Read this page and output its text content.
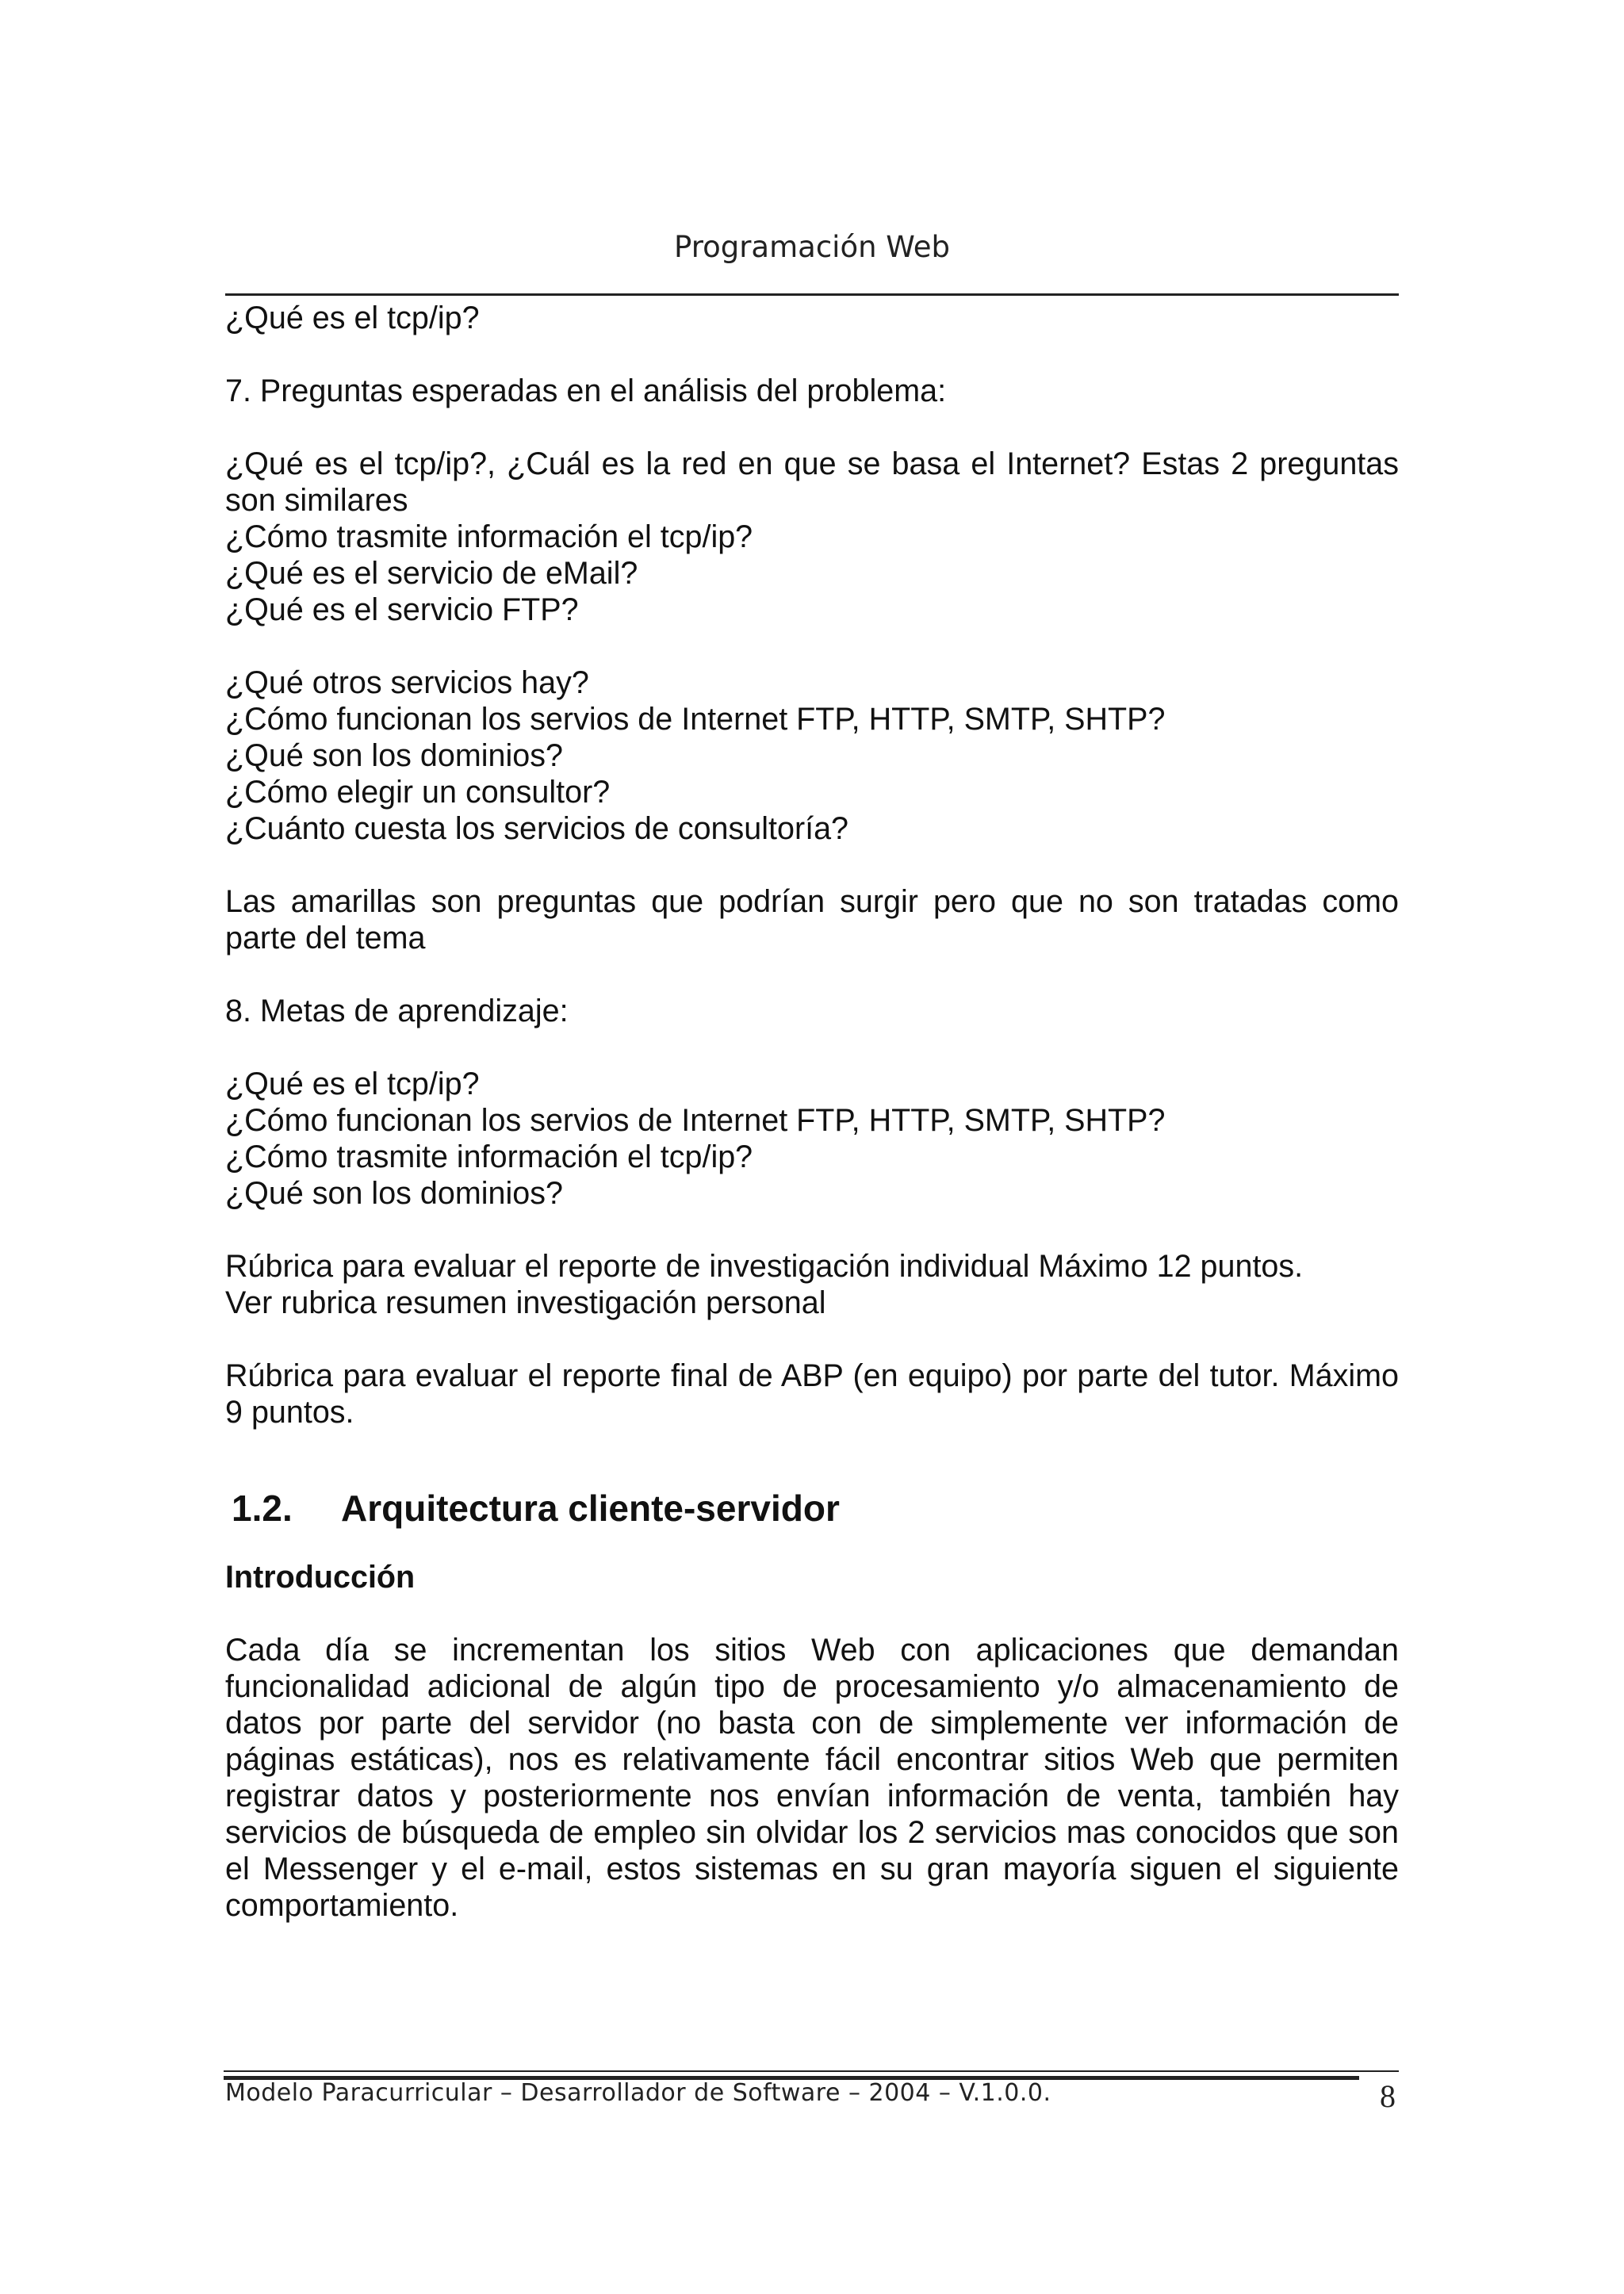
Programación Web

¿Qué es el tcp/ip?

7. Preguntas esperadas en el análisis del problema:

¿Qué es el tcp/ip?, ¿Cuál es la red en que se basa el Internet? Estas 2 preguntas son similares

¿Cómo trasmite información el tcp/ip?

¿Qué es el servicio de eMail?

¿Qué es el servicio FTP?

¿Qué otros servicios hay?

¿Cómo funcionan los servios de Internet FTP, HTTP, SMTP, SHTP?

¿Qué son los dominios?

¿Cómo elegir un consultor?

¿Cuánto cuesta los servicios de consultoría?

Las amarillas son preguntas que podrían surgir pero que no son tratadas como parte del tema

8. Metas de aprendizaje:

¿Qué es el tcp/ip?

¿Cómo funcionan los servios de Internet FTP, HTTP, SMTP, SHTP?

¿Cómo trasmite información el tcp/ip?

¿Qué son los dominios?

Rúbrica para evaluar el reporte de investigación individual Máximo 12 puntos.

Ver rubrica resumen investigación personal

Rúbrica para evaluar el reporte final de ABP (en equipo) por parte del tutor. Máximo 9 puntos.

1.2.	Arquitectura cliente-servidor
Introducción

Cada día se incrementan los sitios Web con aplicaciones que demandan funcionalidad adicional de algún tipo de procesamiento y/o almacenamiento de datos por parte del servidor (no basta con de simplemente ver información de páginas estáticas), nos es relativamente fácil encontrar sitios Web que permiten registrar datos y posteriormente nos envían información de venta, también hay servicios de búsqueda de empleo sin olvidar los 2 servicios mas conocidos que son el Messenger y el e-mail, estos sistemas en su gran mayoría siguen el siguiente comportamiento.

Modelo Paracurricular – Desarrollador de Software – 2004 – V.1.0.0.	8
